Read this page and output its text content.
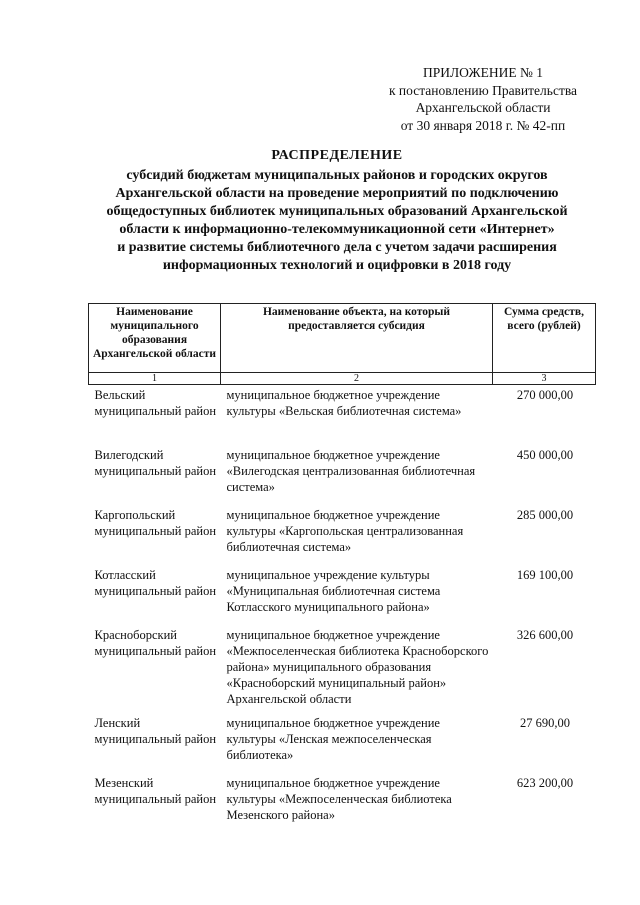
ПРИЛОЖЕНИЕ № 1
к постановлению Правительства
Архангельской области
от 30 января 2018 г. № 42-пп
РАСПРЕДЕЛЕНИЕ
субсидий бюджетам муниципальных районов и городских округов
Архангельской области на проведение мероприятий по подключению
общедоступных библиотек муниципальных образований Архангельской
области к информационно-телекоммуникационной сети «Интернет»
и развитие системы библиотечного дела с учетом задачи расширения
информационных технологий и оцифровки в 2018 году
Наименование муниципального образования Архангельской области	Наименование объекта, на который предоставляется субсидия	Сумма средств, всего (рублей)
1	2	3
Вельский муниципальный район	муниципальное бюджетное учреждение культуры «Вельская библиотечная система»	270 000,00
Вилегодский муниципальный район	муниципальное бюджетное учреждение «Вилегодская централизованная библиотечная система»	450 000,00
Каргопольский муниципальный район	муниципальное бюджетное учреждение культуры «Каргопольская централизованная библиотечная система»	285 000,00
Котласский муниципальный район	муниципальное учреждение культуры «Муниципальная библиотечная система Котласского муниципального района»	169 100,00
Красноборский муниципальный район	муниципальное бюджетное учреждение «Межпоселенческая библиотека Красноборского района» муниципального образования «Красноборский муниципальный район» Архангельской области	326 600,00
Ленский муниципальный район	муниципальное бюджетное учреждение культуры «Ленская межпоселенческая библиотека»	27 690,00
Мезенский муниципальный район	муниципальное бюджетное учреждение культуры «Межпоселенческая библиотека Мезенского района»	623 200,00
